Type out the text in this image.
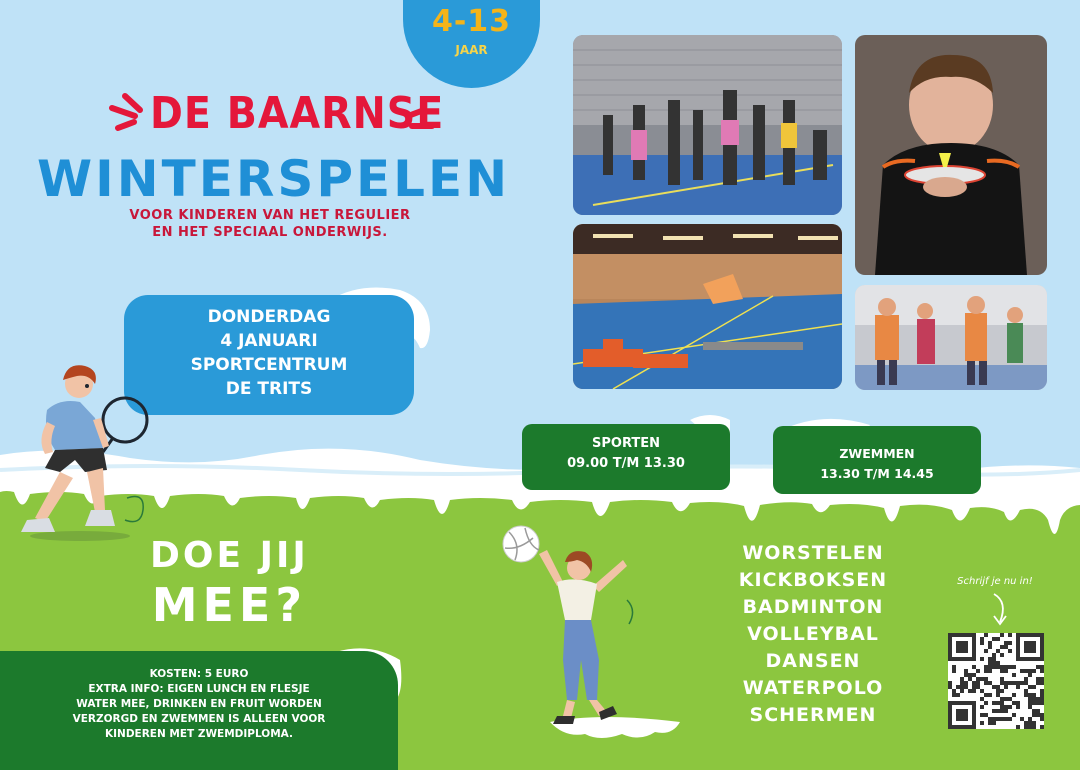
4-13
JAAR
DE BAARNSE
WINTERSPELEN
VOOR KINDEREN VAN HET REGULIER
EN HET SPECIAAL ONDERWIJS.
DONDERDAG
4 JANUARI
SPORTCENTRUM
DE TRITS
SPORTEN
09.00 T/M 13.30
ZWEMMEN
13.30 T/M 14.45
DOE JIJ
MEE?
KOSTEN: 5 EURO
EXTRA INFO: EIGEN LUNCH EN FLESJE
WATER MEE, DRINKEN EN FRUIT WORDEN
VERZORGD EN ZWEMMEN IS ALLEEN VOOR
KINDEREN MET ZWEMDIPLOMA.
WORSTELEN
KICKBOKSEN
BADMINTON
VOLLEYBAL
DANSEN
WATERPOLO
SCHERMEN
Schrijf je nu in!
